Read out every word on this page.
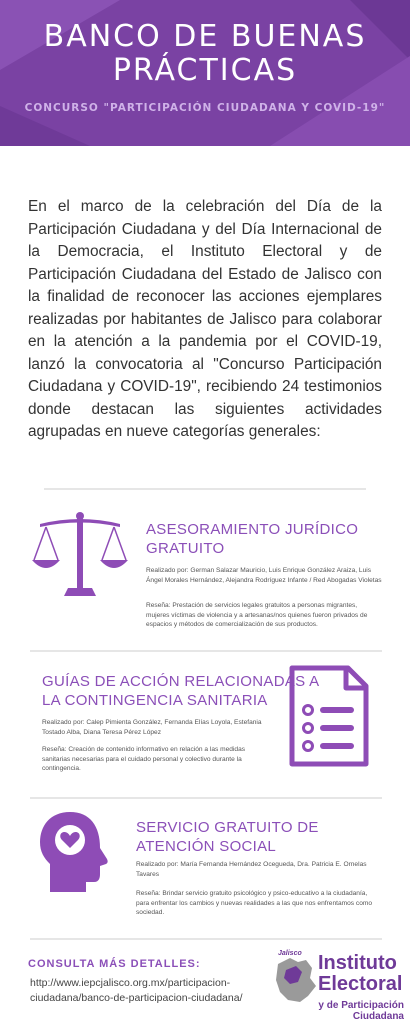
BANCO DE BUENAS
PRÁCTICAS
CONCURSO "PARTICIPACIÓN CIUDADANA Y COVID-19"
En el marco de la celebración del Día de la Participación Ciudadana y del Día Internacional de la Democracia, el Instituto Electoral y de Participación Ciudadana del Estado de Jalisco con la finalidad de reconocer las acciones ejemplares realizadas por habitantes de Jalisco para colaborar en la atención a la pandemia por el COVID-19, lanzó la convocatoria al "Concurso Participación Ciudadana y COVID-19", recibiendo 24 testimonios donde destacan las siguientes actividades agrupadas en nueve categorías generales:
ASESORAMIENTO JURÍDICO
GRATUITO
Realizado por: German Salazar Mauricio, Luis Enrique González Araiza, Luis Ángel Morales Hernández, Alejandra Rodríguez Infante / Red Abogadas Violetas
Reseña: Prestación de servicios legales gratuitos a personas migrantes, mujeres víctimas de violencia y a artesanas/nos quienes fueron privados de espacios y métodos de comercialización de sus productos.
GUÍAS DE ACCIÓN RELACIONADAS A
LA CONTINGENCIA SANITARIA
Realizado por: Calep Pimienta González, Fernanda Elías Loyola, Estefania Tostado Alba, Diana Teresa Pérez López
Reseña: Creación de contenido informativo en relación a las medidas sanitarias necesarias para el cuidado personal y colectivo durante la contingencia.
SERVICIO GRATUITO DE
ATENCIÓN SOCIAL
Realizado por: María Fernanda Hernández Ocegueda, Dra. Patricia E. Ornelas Tavares
Reseña: Brindar servicio gratuito psicológico y psico-educativo a la ciudadanía, para enfrentar los cambios y nuevas realidades a las que nos enfrentamos como sociedad.
CONSULTA MÁS DETALLES:
http://www.iepcjalisco.org.mx/participacion-ciudadana/banco-de-participacion-ciudadana/
Jalisco Instituto
Electoral
y de Participación Ciudadana
